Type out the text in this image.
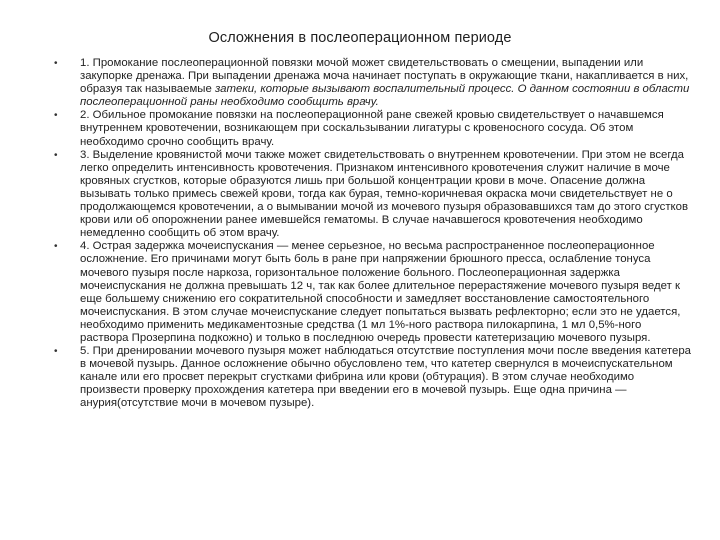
Осложнения в послеоперационном периоде
• 1. Промокание послеоперационной повязки мочой может свидетельствовать о смещении, выпадении или закупорке дренажа. При выпадении дренажа моча начинает поступать в окружающие ткани, накапливается в них, образуя так называемые затеки, которые вызывают воспалительный процесс. О данном состоянии в области послеоперационной раны необходимо сообщить врачу.
• 2. Обильное промокание повязки на послеоперационной ране свежей кровью свидетельствует о начавшемся внутреннем кровотечении, возникающем при соскальзывании лигатуры с кровеносного сосуда. Об этом необходимо срочно сообщить врачу.
• 3. Выделение кровянистой мочи также может свидетельствовать о внутреннем кровотечении. При этом не всегда легко определить интенсивность кровотечения. Признаком интенсивного кровотечения служит наличие в моче кровяных сгустков, которые образуются лишь при большой концентрации крови в моче. Опасение должна вызывать только примесь свежей крови, тогда как бурая, темно-коричневая окраска мочи свидетельствует не о продолжающемся кровотечении, а о вымывании мочой из мочевого пузыря образовавшихся там до этого сгустков крови или об опорожнении ранее имевшейся гематомы. В случае начавшегося кровотечения необходимо немедленно сообщить об этом врачу.
• 4. Острая задержка мочеиспускания — менее серьезное, но весьма распространенное послеоперационное осложнение. Его причинами могут быть боль в ране при напряжении брюшного пресса, ослабление тонуса мочевого пузыря после наркоза, горизонтальное положение больного. Послеоперационная задержка мочеиспускания не должна превышать 12 ч, так как более длительное перерастяжение мочевого пузыря ведет к еще большему снижению его сократительной способности и замедляет восстановление самостоятельного мочеиспускания. В этом случае мочеиспускание следует попытаться вызвать рефлекторно; если это не удается, необходимо применить медикаментозные средства (1 мл 1%-ного раствора пилокарпина, 1 мл 0,5%-ного раствора Прозерпина подкожно) и только в последнюю очередь провести катетеризацию мочевого пузыря.
• 5. При дренировании мочевого пузыря может наблюдаться отсутствие поступления мочи после введения катетера в мочевой пузырь. Данное осложнение обычно обусловлено тем, что катетер свернулся в мочеиспускательном канале или его просвет перекрыт сгустками фибрина или крови (обтурация). В этом случае необходимо произвести проверку прохождения катетера при введении его в мочевой пузырь. Еще одна причина — анурия(отсутствие мочи в мочевом пузыре).
